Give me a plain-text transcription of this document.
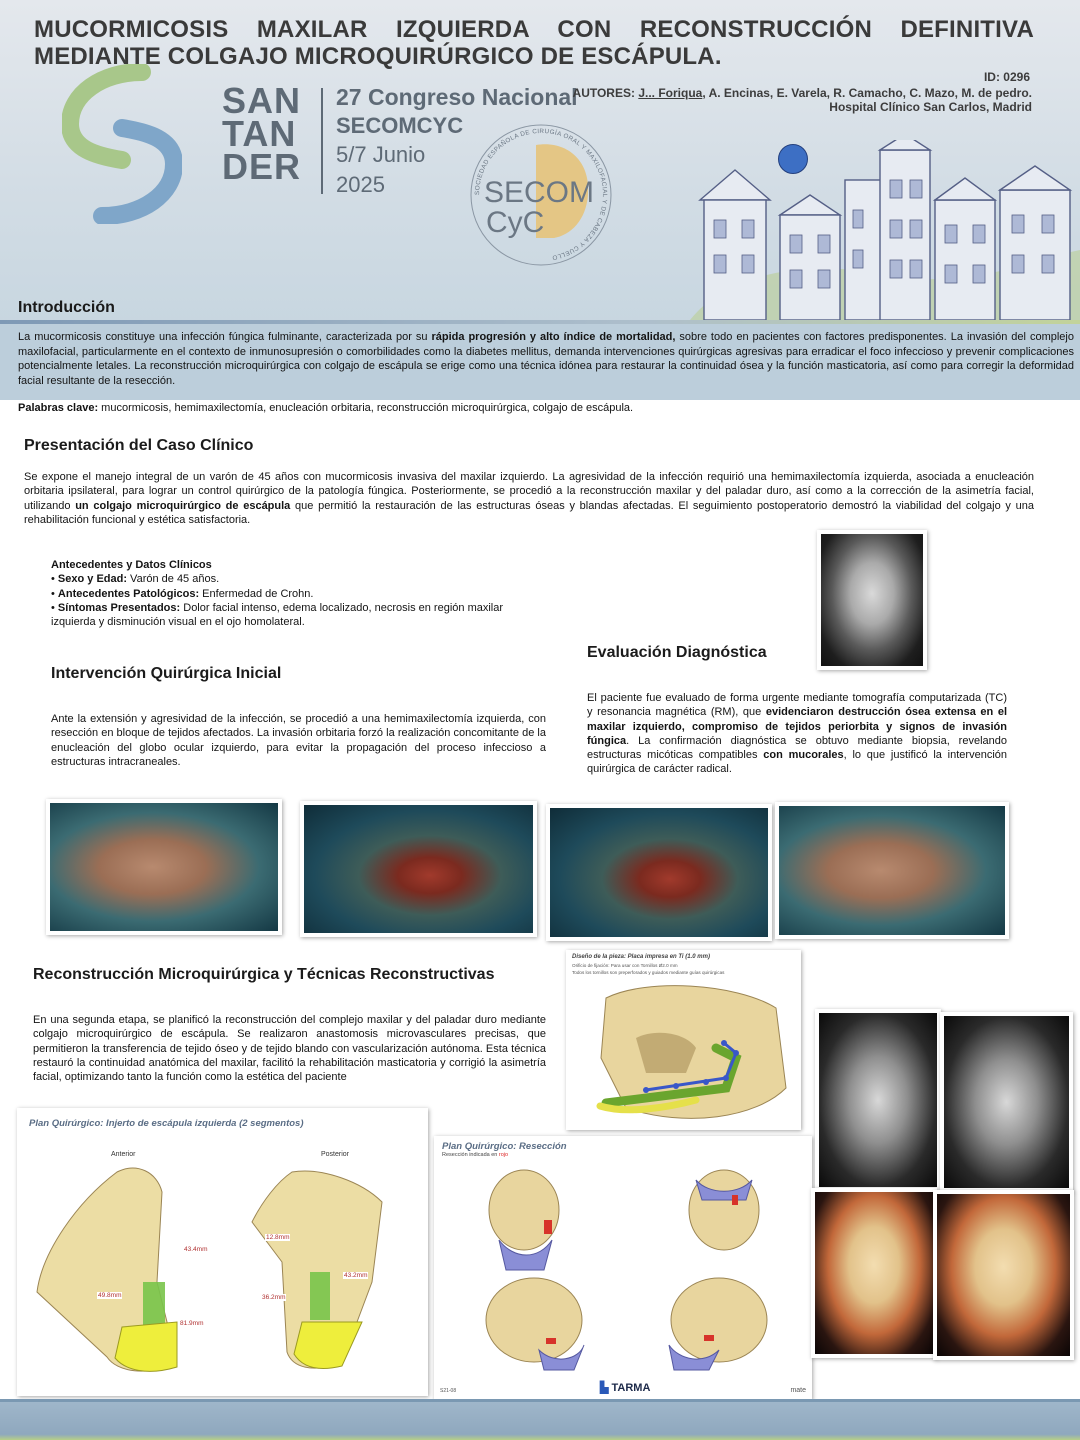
MUCORMICOSIS MAXILAR IZQUIERDA CON RECONSTRUCCIÓN DEFINITIVA MEDIANTE COLGAJO MICROQUIRÚRGICO DE ESCÁPULA.
SAN
TAN
DER
27 Congreso Nacional
SECOMCYC
5/7 Junio
2025	SOCIEDAD ESPAÑOLA DE CIRUGÍA ORAL Y MAXILOFACIAL Y DE CABEZA Y CUELLO
SECOM
CyC
ID: 0296
AUTORES: J... Foriqua, A. Encinas, E. Varela, R. Camacho, C. Mazo, M. de pedro.
Hospital Clínico San Carlos, Madrid
Introducción
La mucormicosis constituye una infección fúngica fulminante, caracterizada por su rápida progresión y alto índice de mortalidad, sobre todo en pacientes con factores predisponentes. La invasión del complejo maxilofacial, particularmente en el contexto de inmunosupresión o comorbilidades como la diabetes mellitus, demanda intervenciones quirúrgicas agresivas para erradicar el foco infeccioso y prevenir complicaciones potencialmente letales. La reconstrucción microquirúrgica con colgajo de escápula se erige como una técnica idónea para restaurar la continuidad ósea y la función masticatoria, así como para corregir la deformidad facial resultante de la resección.
Palabras clave: mucormicosis, hemimaxilectomía, enucleación orbitaria, reconstrucción microquirúrgica, colgajo de escápula.
Presentación del Caso Clínico

Se expone el manejo integral de un varón de 45 años con mucormicosis invasiva del maxilar izquierdo. La agresividad de la infección requirió una hemimaxilectomía izquierda, asociada a enucleación orbitaria ipsilateral, para lograr un control quirúrgico de la patología fúngica. Posteriormente, se procedió a la reconstrucción maxilar y del paladar duro, así como a la corrección de la asimetría facial, utilizando un colgajo microquirúrgico de escápula que permitió la restauración de las estructuras óseas y blandas afectadas. El seguimiento postoperatorio demostró la viabilidad del colgajo y una rehabilitación funcional y estética satisfactoria.

Antecedentes y Datos Clínicos
• Sexo y Edad: Varón de 45 años.
• Antecedentes Patológicos: Enfermedad de Crohn.
• Síntomas Presentados: Dolor facial intenso, edema localizado, necrosis en región maxilar izquierda y disminución visual en el ojo homolateral.
Intervención Quirúrgica Inicial

Ante la extensión y agresividad de la infección, se procedió a una hemimaxilectomía izquierda, con resección en bloque de tejidos afectados. La invasión orbitaria forzó la realización concomitante de la enucleación del globo ocular izquierdo, para evitar la propagación del proceso infeccioso a estructuras intracraneales.

Evaluación Diagnóstica

El paciente fue evaluado de forma urgente mediante tomografía computarizada (TC) y resonancia magnética (RM), que evidenciaron destrucción ósea extensa en el maxilar izquierdo, compromiso de tejidos periorbita y signos de invasión fúngica. La confirmación diagnóstica se obtuvo mediante biopsia, revelando estructuras micóticas compatibles con mucorales, lo que justificó la intervención quirúrgica de carácter radical.

Reconstrucción Microquirúrgica y Técnicas Reconstructivas

En una segunda etapa, se planificó la reconstrucción del complejo maxilar y del paladar duro mediante colgajo microquirúrgico de escápula. Se realizaron anastomosis microvasculares precisas, que permitieron la transferencia de tejido óseo y de tejido blando con vascularización autónoma. Esta técnica restauró la continuidad anatómica del maxilar, facilitó la rehabilitación masticatoria y corrigió la asimetría facial, optimizando tanto la función como la estética del paciente

Diseño de la pieza: Placa impresa en Ti (1.0 mm)
Orificio de fijación: Para usar con Tornillos Ø2.0 mm
Todos los tornillos son preperforados y guiados mediante guías quirúrgicas
Plan Quirúrgico: Injerto de escápula izquierda (2 segmentos)
Anterior	Posterior
43.4mm
49.8mm
81.9mm
12.8mm
43.2mm
36.2mm
Plan Quirúrgico: Resección
Resección indicada en rojo
S21-08	▙ TARMA	mate
